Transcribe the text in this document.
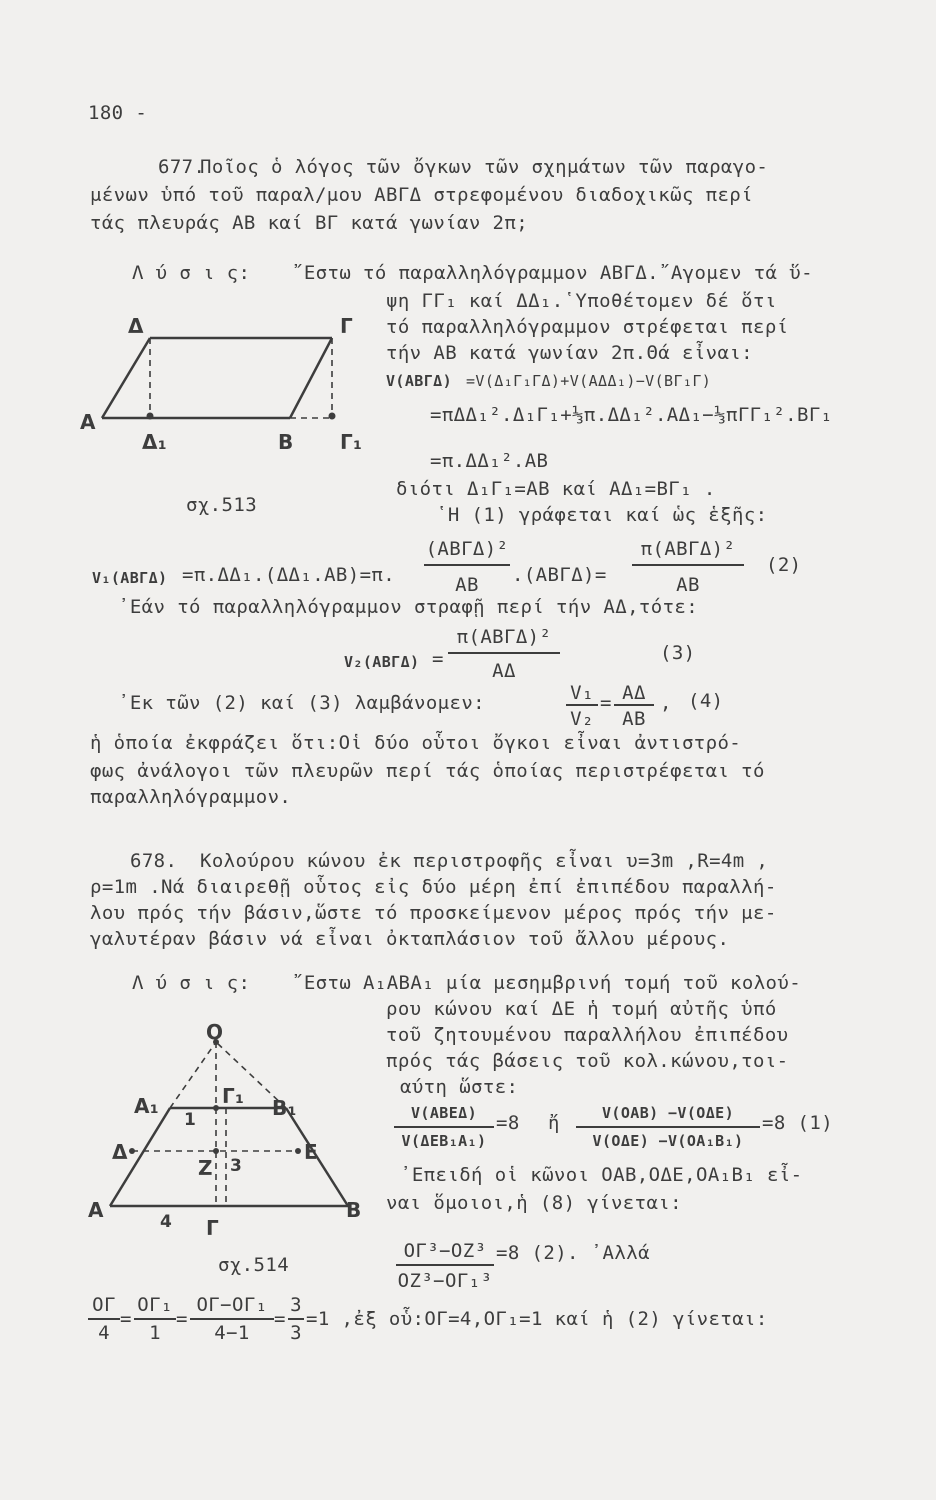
180 -
677.
Ποῖος ὁ λόγος τῶν ὄγκων τῶν σχημάτων τῶν παραγο-
μένων ὑπό τοῦ παραλ/μου ΑΒΓΔ στρεφομένου διαδοχικῶς περί
τάς πλευράς ΑΒ καί ΒΓ κατά γωνίαν 2π;
Λ ύ σ ι ς: ῎Εστω τό παραλληλόγραμμον ΑΒΓΔ.῎Αγομεν τά ὕ-
ψη ΓΓ₁ καί ΔΔ₁.῾Υποθέτομεν δέ ὅτι
τό παραλληλόγραμμον στρέφεται περί
τήν ΑΒ κατά γωνίαν 2π.Θά εἶναι:
V(ΑΒΓΔ) =V(Δ₁Γ₁ΓΔ)+V(ΑΔΔ₁)−V(ΒΓ₁Γ)
=πΔΔ₁².Δ₁Γ₁+⅓π.ΔΔ₁².ΑΔ₁−⅓πΓΓ₁².ΒΓ₁
=π.ΔΔ₁².ΑΒ
διότι Δ₁Γ₁=ΑΒ καί ΑΔ₁=ΒΓ₁ .
῾Η (1) γράφεται καί ὡς ἑξῆς:
Δ	Γ
Α
Δ₁	Β Γ₁
σχ.513
V₁(ΑΒΓΔ) =π.ΔΔ₁.(ΔΔ₁.ΑΒ)=π.
(ΑΒΓΔ)²
ΑΒ	.(ΑΒΓΔ)=
π(ΑΒΓΔ)²
ΑΒ
(2)
᾿Εάν τό παραλληλόγραμμον στραφῇ περί τήν ΑΔ,τότε:
V₂(ΑΒΓΔ) =
π(ΑΒΓΔ)²
ΑΔ
(3)
᾿Εκ τῶν (2) καί (3) λαμβάνομεν:	V₁
V₂
= ΑΔ
ΑΒ
, (4)
ἡ ὁποία ἐκφράζει ὅτι:Οἱ δύο οὗτοι ὄγκοι εἶναι ἀντιστρό-
φως ἀνάλογοι τῶν πλευρῶν περί τάς ὁποίας περιστρέφεται τό
παραλληλόγραμμον.
678. Κολούρου κώνου ἐκ περιστροφῆς εἶναι υ=3m ,R=4m ,
ρ=1m .Νά διαιρεθῇ οὗτος εἰς δύο μέρη ἐπί ἐπιπέδου παραλλή-
λου πρός τήν βάσιν,ὥστε τό προσκείμενον μέρος πρός τήν με-
γαλυτέραν βάσιν νά εἶναι ὀκταπλάσιον τοῦ ἄλλου μέρους.
Λ ύ σ ι ς: ῎Εστω Α₁ΑΒΑ₁ μία μεσημβρινή τομή τοῦ κολού-
ρου κώνου καί ΔΕ ἡ τομή αὐτῆς ὑπό
τοῦ ζητουμένου παραλλήλου ἐπιπέδου
πρός τάς βάσεις τοῦ κολ.κώνου,τοι-
αύτη ὥστε:
V(ΑΒΕΔ)
V(ΔΕΒ₁Α₁)
=8 ἤ	V(ΟΑΒ) −V(ΟΔΕ)
V(ΟΔΕ) −V(ΟΑ₁Β₁)
=8 (1)
᾿Επειδή οἱ κῶνοι ΟΑΒ,ΟΔΕ,ΟΑ₁Β₁ εἶ-
ναι ὅμοιοι,ἡ (8) γίνεται:
ΟΓ³−ΟΖ³
ΟΖ³−ΟΓ₁³
=8 (2). ᾿Αλλά
Ο
Α₁	Γ₁ Β₁
1
Δ	Ε
Ζ 3
Α	Β
4 Γ
σχ.514
ΟΓ
4
=
ΟΓ₁
1
=
ΟΓ−ΟΓ₁
4−1
=
3
3
=1 ,ἐξ οὗ:ΟΓ=4,ΟΓ₁=1 καί ἡ (2) γίνεται:
